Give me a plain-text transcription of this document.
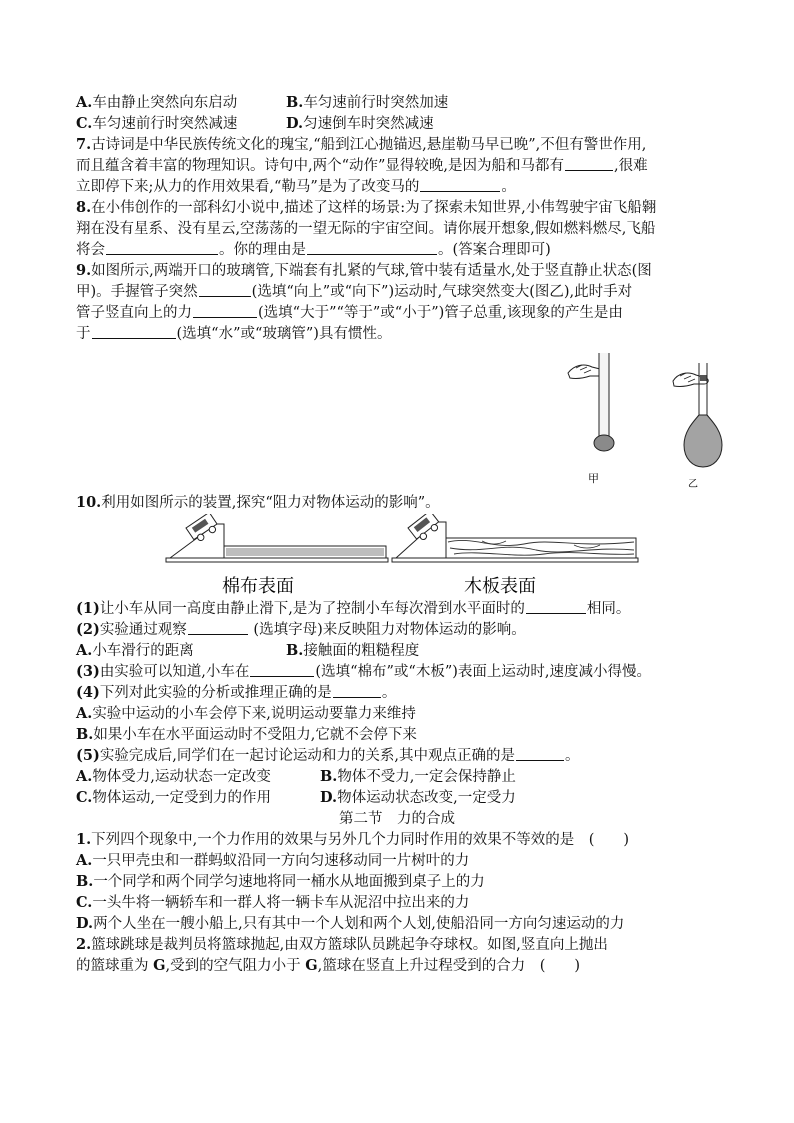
A.车由静止突然向东启动	B.车匀速前行时突然加速
C.车匀速前行时突然减速	D.匀速倒车时突然减速
7.古诗词是中华民族传统文化的瑰宝,“船到江心抛锚迟,悬崖勒马早已晚”,不但有警世作用,
而且蕴含着丰富的物理知识。诗句中,两个“动作”显得较晚,是因为船和马都有	,很难
立即停下来;从力的作用效果看,“勒马”是为了改变马的	。
8.在小伟创作的一部科幻小说中,描述了这样的场景:为了探索未知世界,小伟驾驶宇宙飞船翱
翔在没有星系、没有星云,空荡荡的一望无际的宇宙空间。请你展开想象,假如燃料燃尽,飞船
将会	。你的理由是	。(答案合理即可)
9.如图所示,两端开口的玻璃管,下端套有扎紧的气球,管中装有适量水,处于竖直静止状态(图
甲)。手握管子突然	(选填“向上”或“向下”)运动时,气球突然变大(图乙),此时手对
管子竖直向上的力	(选填“大于”“等于”或“小于”)管子总重,该现象的产生是由
于	(选填“水”或“玻璃管”)具有惯性。
甲	乙
10.利用如图所示的装置,探究“阻力对物体运动的影响”。
棉布表面	木板表面
(1)让小车从同一高度由静止滑下,是为了控制小车每次滑到水平面时的	相同。
(2)实验通过观察	(选填字母)来反映阻力对物体运动的影响。
A.小车滑行的距离	B.接触面的粗糙程度
(3)由实验可以知道,小车在	(选填“棉布”或“木板”)表面上运动时,速度减小得慢。
(4)下列对此实验的分析或推理正确的是	。
A.实验中运动的小车会停下来,说明运动要靠力来维持
B.如果小车在水平面运动时不受阻力,它就不会停下来
(5)实验完成后,同学们在一起讨论运动和力的关系,其中观点正确的是	。
A.物体受力,运动状态一定改变	B.物体不受力,一定会保持静止
C.物体运动,一定受到力的作用	D.物体运动状态改变,一定受力
第二节　力的合成
1.下列四个现象中,一个力作用的效果与另外几个力同时作用的效果不等效的是　(　　)
A.一只甲壳虫和一群蚂蚁沿同一方向匀速移动同一片树叶的力
B.一个同学和两个同学匀速地将同一桶水从地面搬到桌子上的力
C.一头牛将一辆轿车和一群人将一辆卡车从泥沼中拉出来的力
D.两个人坐在一艘小船上,只有其中一个人划和两个人划,使船沿同一方向匀速运动的力
2.篮球跳球是裁判员将篮球抛起,由双方篮球队员跳起争夺球权。如图,竖直向上抛出
的篮球重为 G,受到的空气阻力小于 G,篮球在竖直上升过程受到的合力　(　　)
